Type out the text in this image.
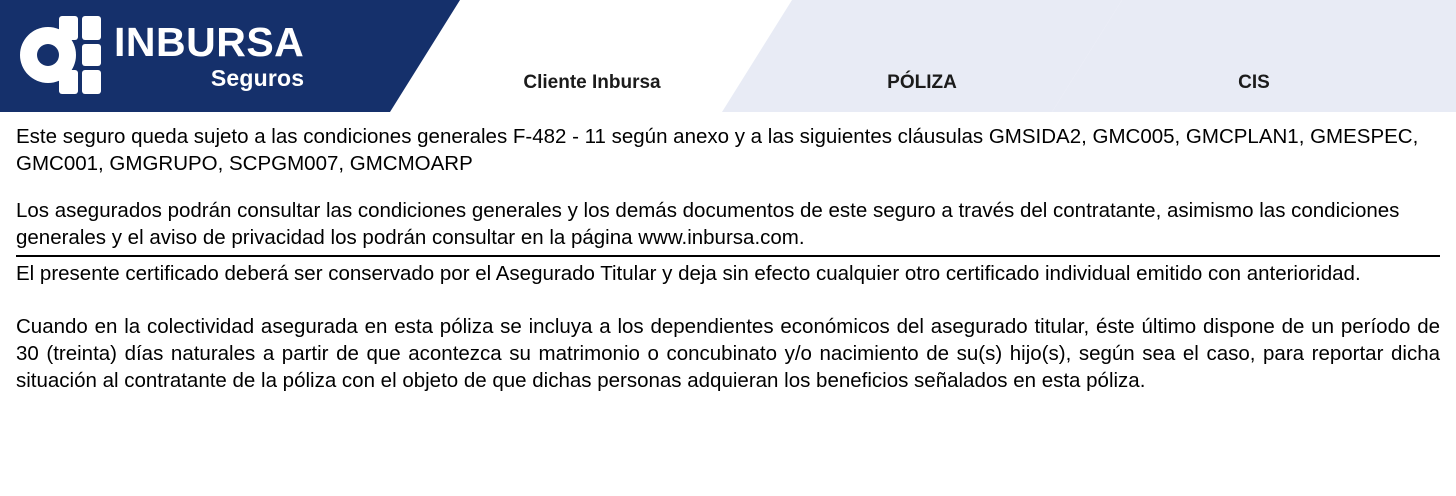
INBURSA
Seguros	Cliente Inbursa	PÓLIZA	CIS

Este seguro queda sujeto a las condiciones generales F-482 - 11 según anexo y a las siguientes cláusulas GMSIDA2, GMC005, GMCPLAN1, GMESPEC, GMC001, GMGRUPO, SCPGM007, GMCMOARP

Los asegurados podrán consultar las condiciones generales y los demás documentos de este seguro a través del contratante, asimismo las condiciones generales y el aviso de privacidad los podrán consultar en la página www.inbursa.com.

El presente certificado deberá ser conservado por el Asegurado Titular y deja sin efecto cualquier otro certificado individual emitido con anterioridad.

Cuando en la colectividad asegurada en esta póliza se incluya a los dependientes económicos del asegurado titular, éste último dispone de un período de 30 (treinta) días naturales a partir de que acontezca su matrimonio o concubinato y/o nacimiento de su(s) hijo(s), según sea el caso, para reportar dicha situación al contratante de la póliza con el objeto de que dichas personas adquieran los beneficios señalados en esta póliza.
